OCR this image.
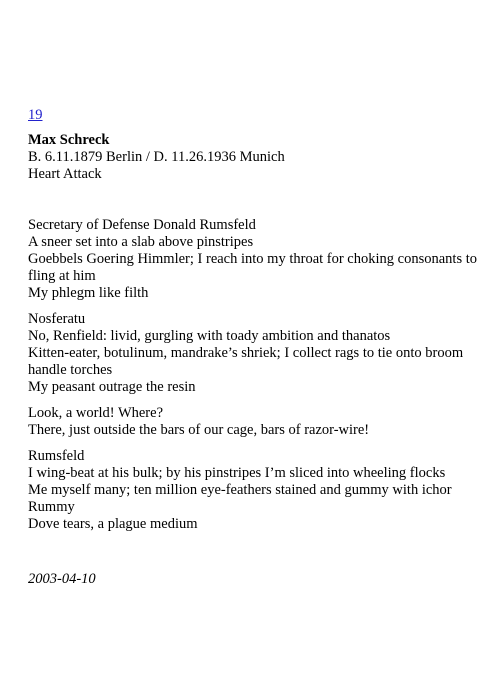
19
Max Schreck
B. 6.11.1879 Berlin / D. 11.26.1936 Munich
Heart Attack
Secretary of Defense Donald Rumsfeld
A sneer set into a slab above pinstripes
Goebbels Goering Himmler; I reach into my throat for choking consonants to fling at him
My phlegm like filth
Nosferatu
No, Renfield: livid, gurgling with toady ambition and thanatos
Kitten-eater, botulinum, mandrake’s shriek; I collect rags to tie onto broom handle torches
My peasant outrage the resin
Look, a world! Where?
There, just outside the bars of our cage, bars of razor-wire!
Rumsfeld
I wing-beat at his bulk; by his pinstripes I’m sliced into wheeling flocks
Me myself many; ten million eye-feathers stained and gummy with ichor
Rummy
Dove tears, a plague medium
2003-04-10
